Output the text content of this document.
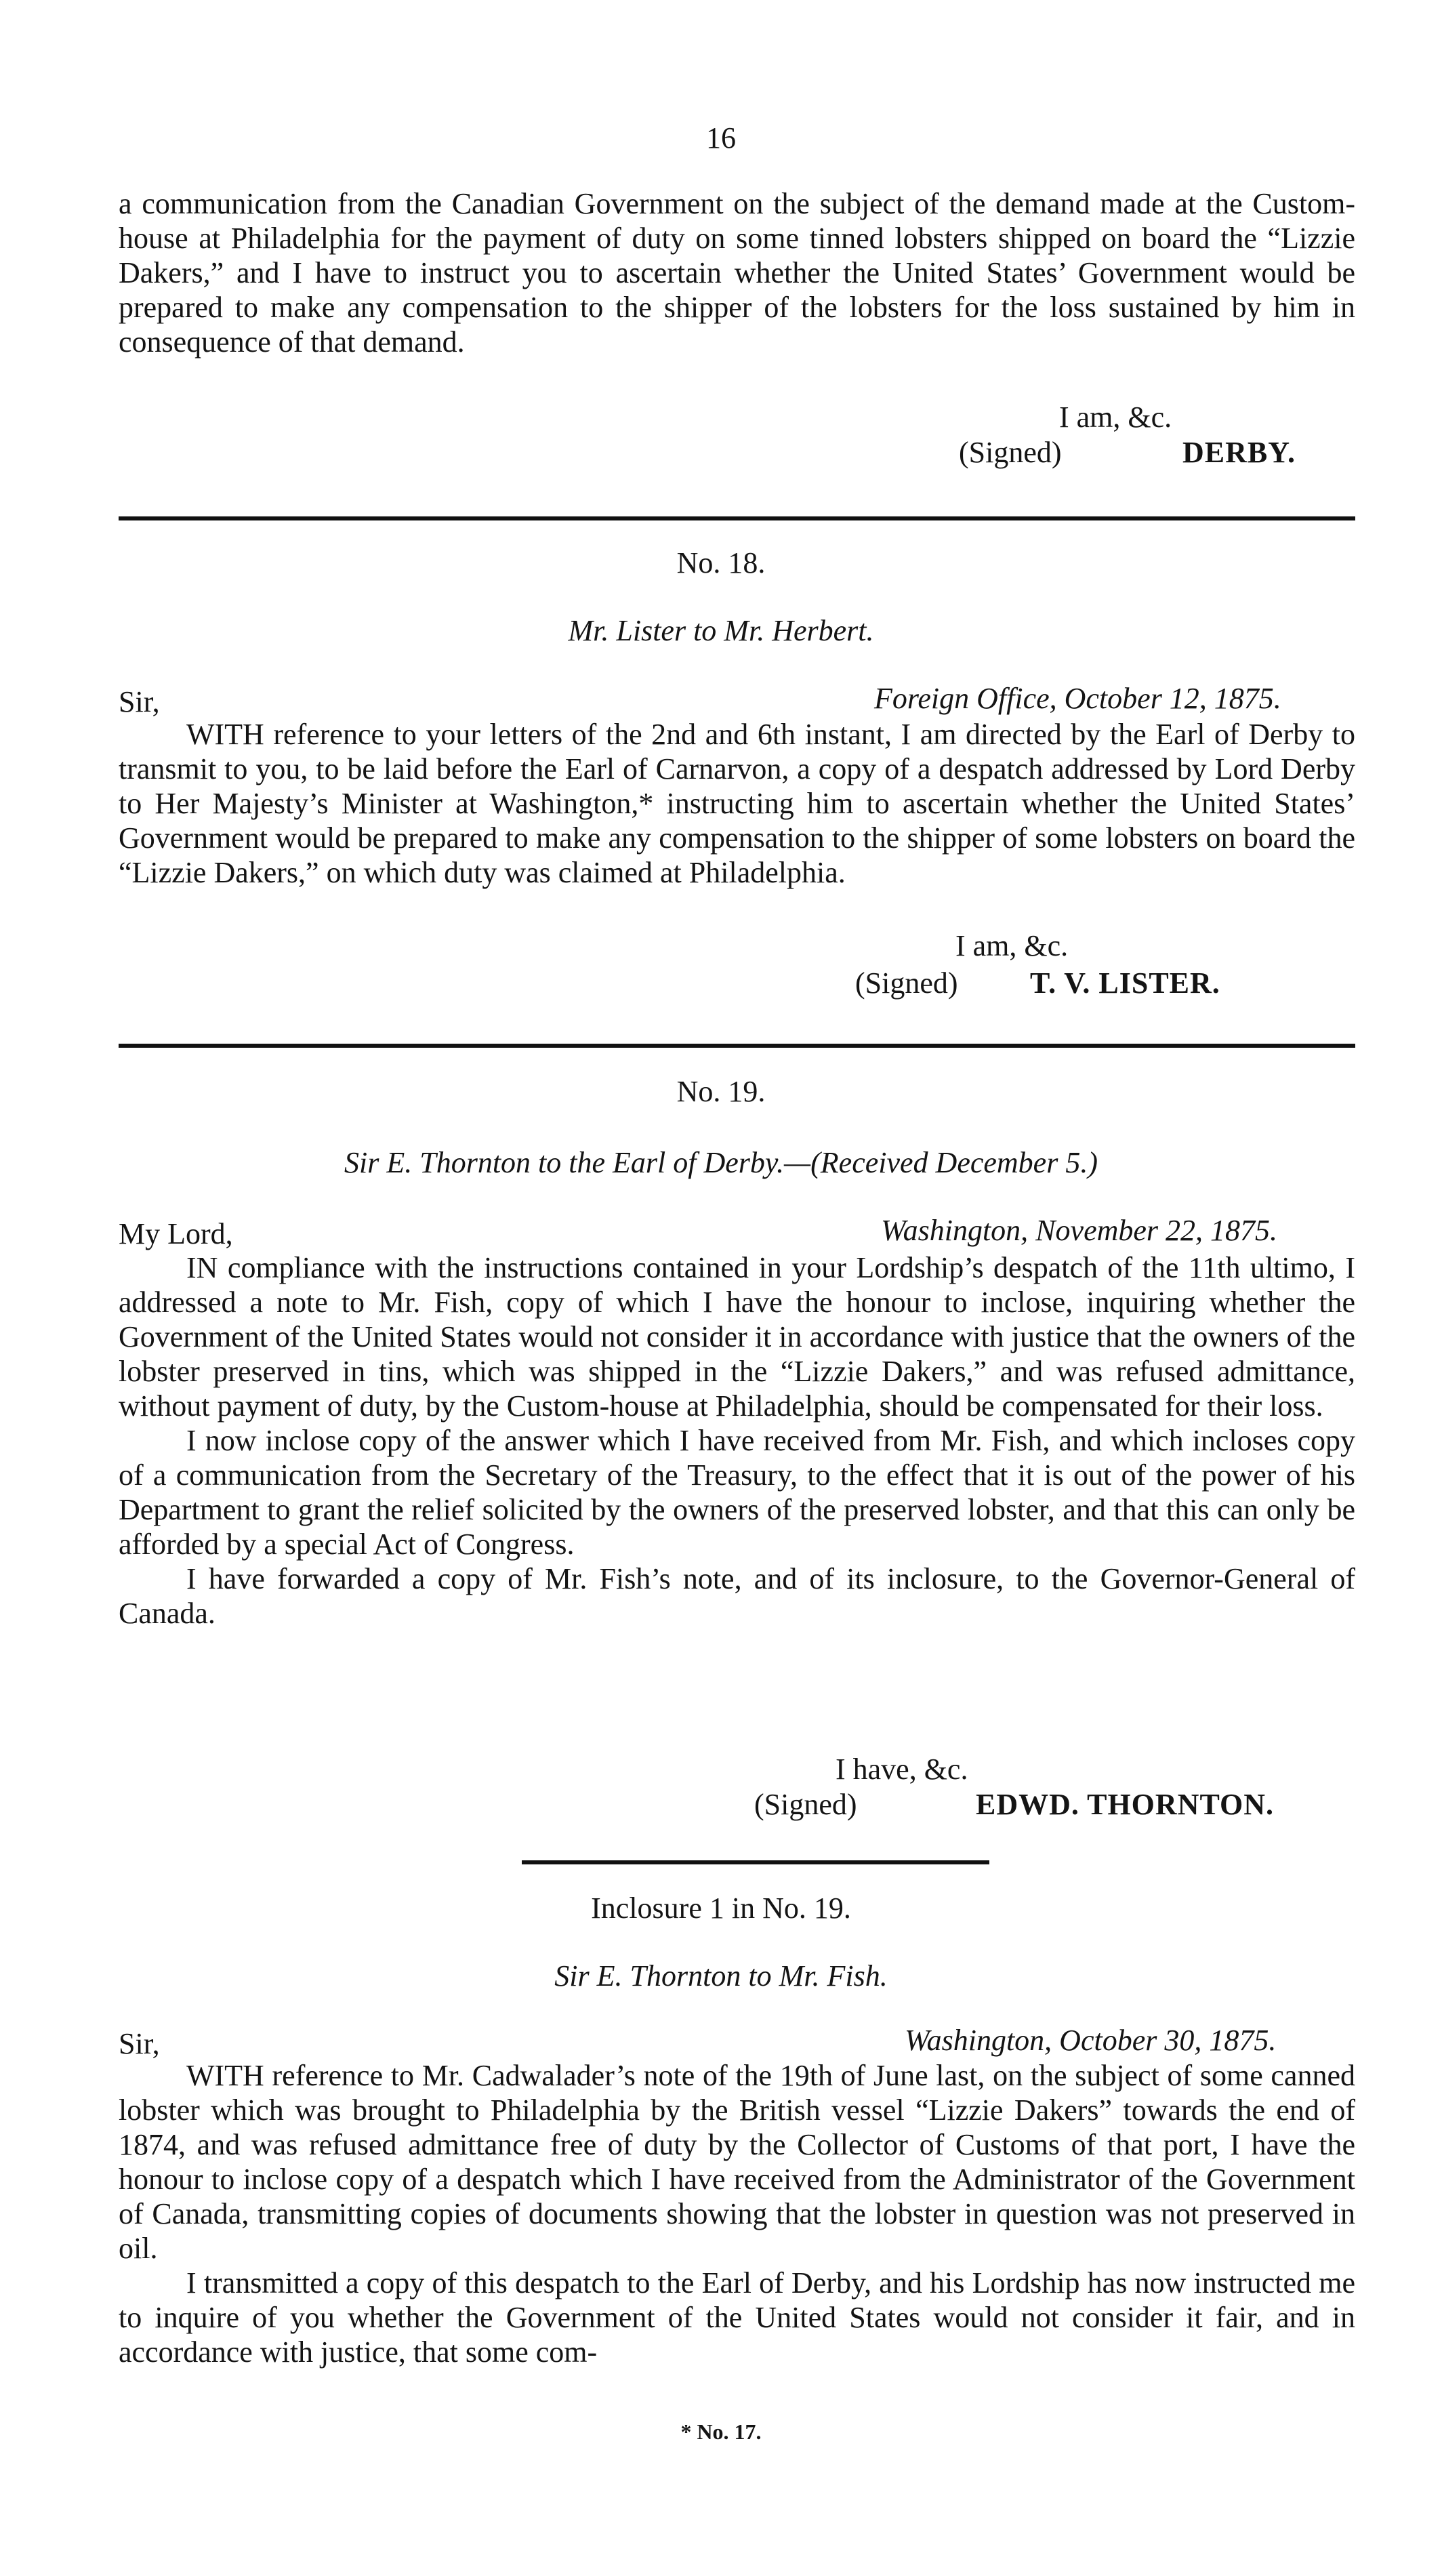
16

a communication from the Canadian Government on the subject of the demand made at the Custom-house at Philadelphia for the payment of duty on some tinned lobsters shipped on board the “Lizzie Dakers,” and I have to instruct you to ascertain whether the United States’ Government would be prepared to make any compensation to the shipper of the lobsters for the loss sustained by him in consequence of that demand.

I am, &c.
(Signed)	DERBY.
No. 18.
Mr. Lister to Mr. Herbert.
Sir,	Foreign Office, October 12, 1875.

WITH reference to your letters of the 2nd and 6th instant, I am directed by the Earl of Derby to transmit to you, to be laid before the Earl of Carnarvon, a copy of a despatch addressed by Lord Derby to Her Majesty’s Minister at Washington,* instructing him to ascertain whether the United States’ Government would be prepared to make any compensation to the shipper of some lobsters on board the “Lizzie Dakers,” on which duty was claimed at Philadelphia.

I am, &c.
(Signed) T. V. LISTER.
No. 19.
Sir E. Thornton to the Earl of Derby.—(Received December 5.)
My Lord,	Washington, November 22, 1875.

IN compliance with the instructions contained in your Lordship’s despatch of the 11th ultimo, I addressed a note to Mr. Fish, copy of which I have the honour to inclose, inquiring whether the Government of the United States would not consider it in accordance with justice that the owners of the lobster preserved in tins, which was shipped in the “Lizzie Dakers,” and was refused admittance, without payment of duty, by the Custom-house at Philadelphia, should be compensated for their loss.

I now inclose copy of the answer which I have received from Mr. Fish, and which incloses copy of a communication from the Secretary of the Treasury, to the effect that it is out of the power of his Department to grant the relief solicited by the owners of the preserved lobster, and that this can only be afforded by a special Act of Congress.

I have forwarded a copy of Mr. Fish’s note, and of its inclosure, to the Governor-General of Canada.

I have, &c.
(Signed)	EDWD. THORNTON.
Inclosure 1 in No. 19.
Sir E. Thornton to Mr. Fish.
Sir,	Washington, October 30, 1875.

WITH reference to Mr. Cadwalader’s note of the 19th of June last, on the subject of some canned lobster which was brought to Philadelphia by the British vessel “Lizzie Dakers” towards the end of 1874, and was refused admittance free of duty by the Collector of Customs of that port, I have the honour to inclose copy of a despatch which I have received from the Administrator of the Government of Canada, transmitting copies of documents showing that the lobster in question was not preserved in oil.

I transmitted a copy of this despatch to the Earl of Derby, and his Lordship has now instructed me to inquire of you whether the Government of the United States would not consider it fair, and in accordance with justice, that some com-

* No. 17.
